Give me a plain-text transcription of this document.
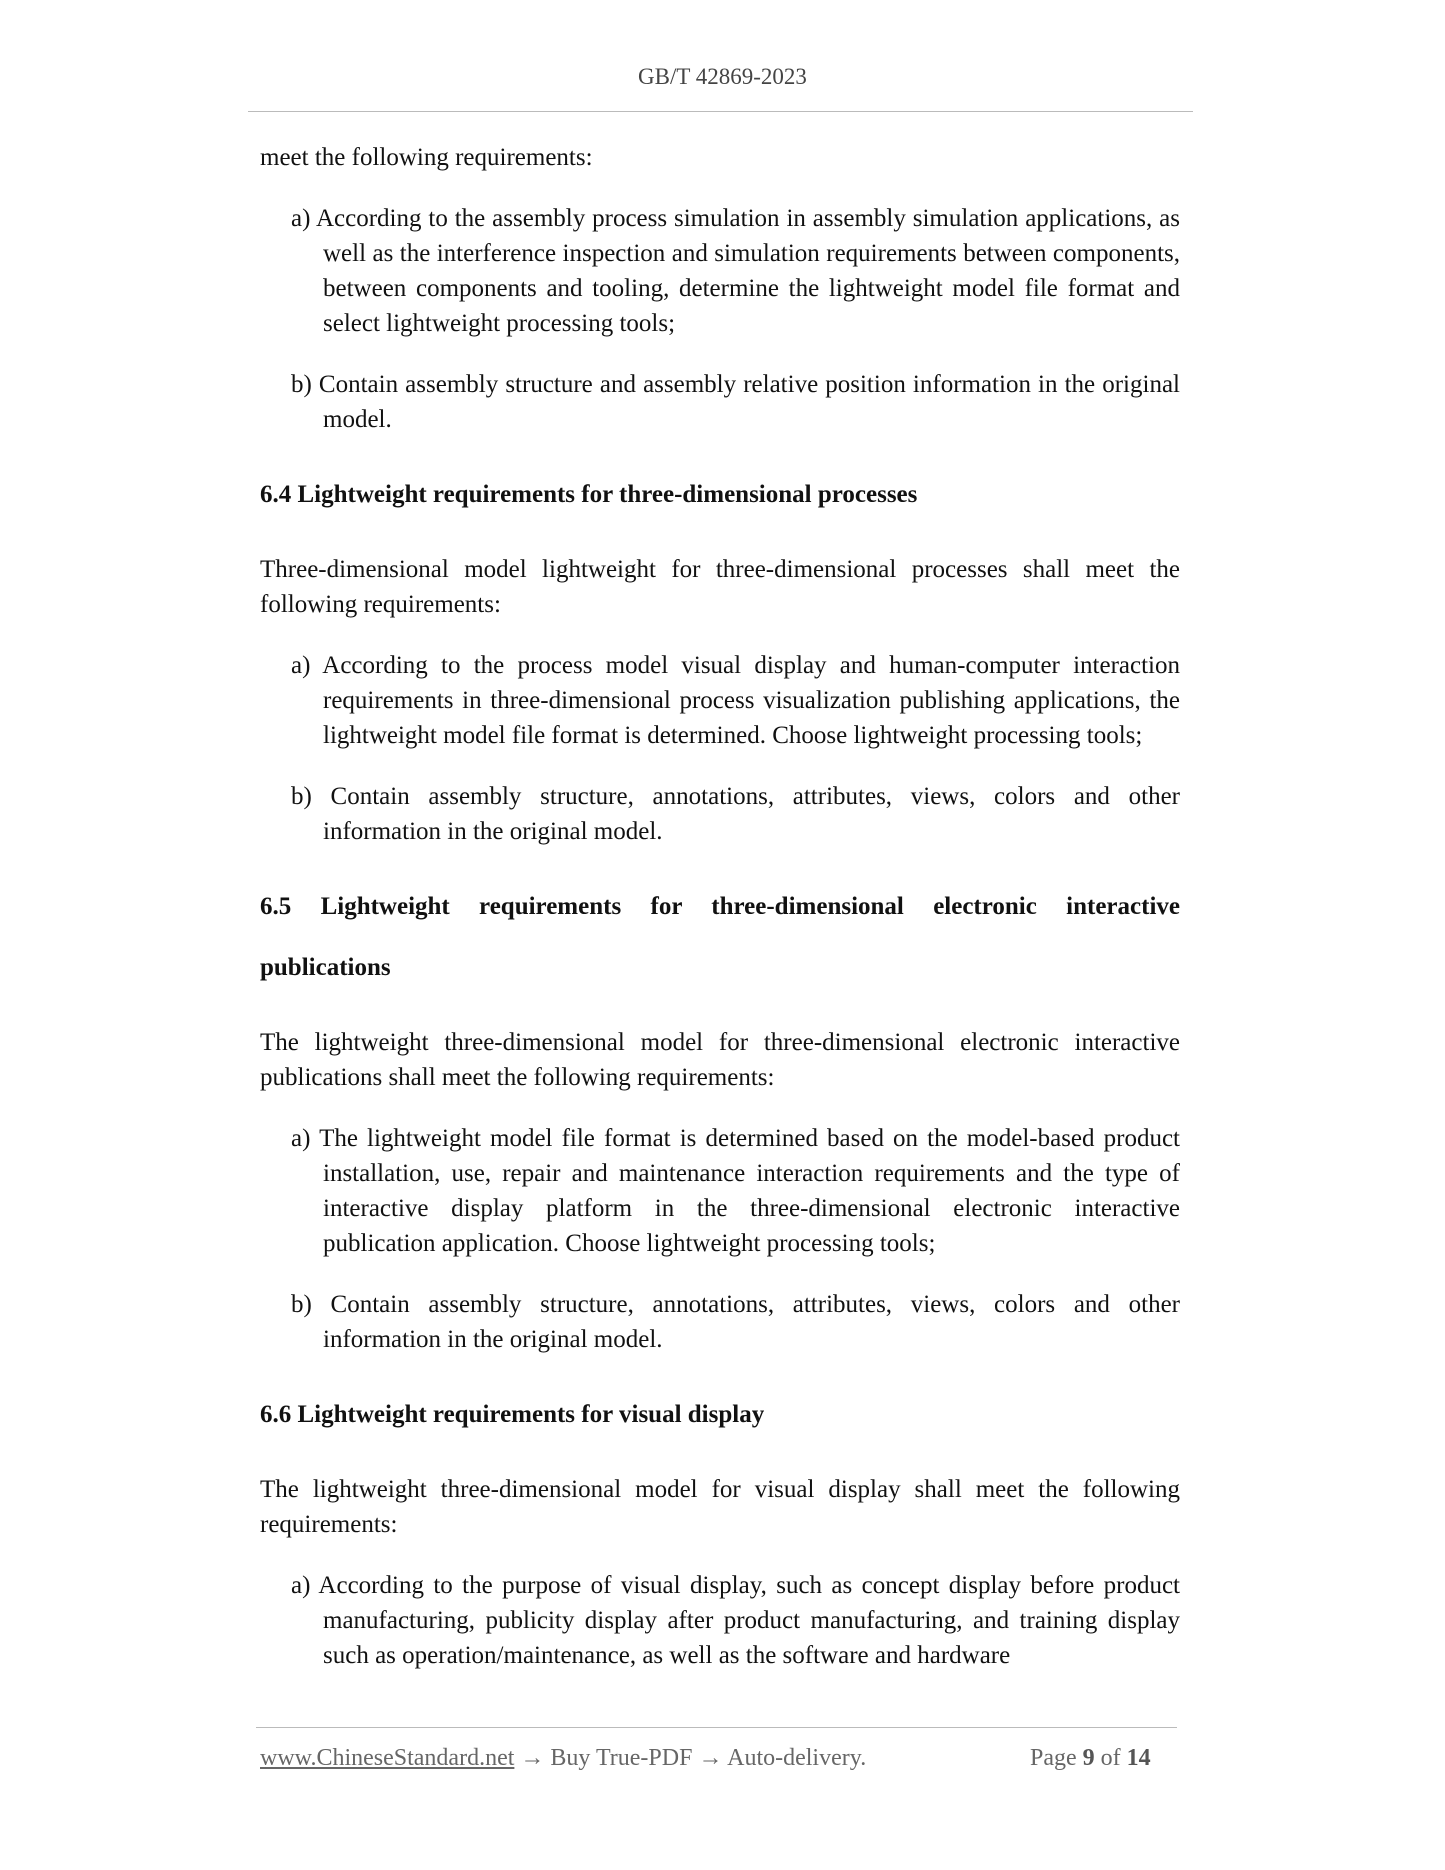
GB/T 42869-2023

meet the following requirements:

a) According to the assembly process simulation in assembly simulation applications, as well as the interference inspection and simulation requirements between components, between components and tooling, determine the lightweight model file format and select lightweight processing tools;

b) Contain assembly structure and assembly relative position information in the original model.

6.4 Lightweight requirements for three-dimensional processes

Three-dimensional model lightweight for three-dimensional processes shall meet the following requirements:

a) According to the process model visual display and human-computer interaction requirements in three-dimensional process visualization publishing applications, the lightweight model file format is determined. Choose lightweight processing tools;

b) Contain assembly structure, annotations, attributes, views, colors and other information in the original model.

6.5 Lightweight requirements for three-dimensional electronic interactive

publications

The lightweight three-dimensional model for three-dimensional electronic interactive publications shall meet the following requirements:

a) The lightweight model file format is determined based on the model-based product installation, use, repair and maintenance interaction requirements and the type of interactive display platform in the three-dimensional electronic interactive publication application. Choose lightweight processing tools;

b) Contain assembly structure, annotations, attributes, views, colors and other information in the original model.

6.6 Lightweight requirements for visual display

The lightweight three-dimensional model for visual display shall meet the following requirements:

a) According to the purpose of visual display, such as concept display before product manufacturing, publicity display after product manufacturing, and training display such as operation/maintenance, as well as the software and hardware

www.ChineseStandard.net → Buy True-PDF → Auto-delivery.	Page 9 of 14
